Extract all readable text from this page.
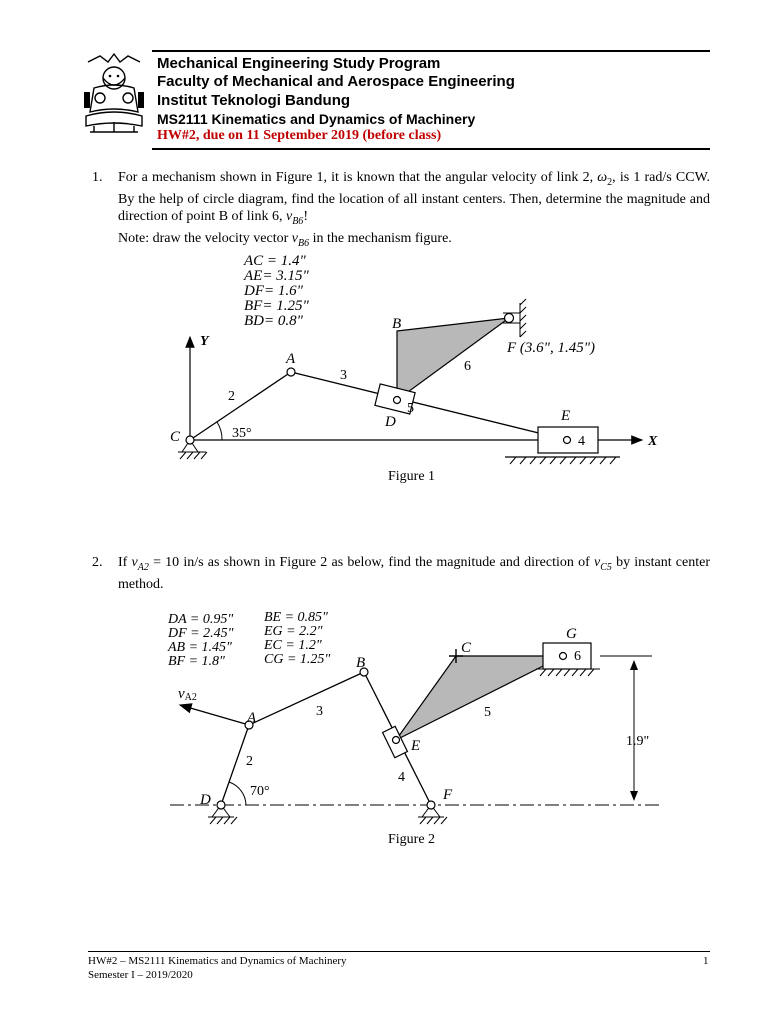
Mechanical Engineering Study Program
Faculty of Mechanical and Aerospace Engineering
Institut Teknologi Bandung
MS2111 Kinematics and Dynamics of Machinery
HW#2, due on 11 September 2019 (before class)
1. For a mechanism shown in Figure 1, it is known that the angular velocity of link 2, $\omega_2$, is 1 rad/s CCW. By the help of circle diagram, find the location of all instant centers. Then, determine the magnitude and direction of point B of link 6, $v_{B6}$!
Note: draw the velocity vector $v_{B6}$ in the mechanism figure.
AC = 1.4"
AE= 3.15"
DF= 1.6"
BF= 1.25"
BD= 0.8"
Y
X
C
A
B
D	E
F (3.6", 1.45")
2
3
4
5
6
35°
Figure 1
2. If $v_{A2} = 10$ in/s as shown in Figure 2 as below, find the magnitude and direction of $v_{C5}$ by instant center method.
DA = 0.95"
DF = 2.45"
AB = 1.45"
BF = 1.8"
BE = 0.85"
EG = 2.2"
EC = 1.2"
CG = 1.25"
1.9"
vA2
A
B
C
D
E
F
G
2
3
4
5
6
70°
Figure 2
HW#2 – MS2111 Kinematics and Dynamics of Machinery
Semester I – 2019/2020
1
